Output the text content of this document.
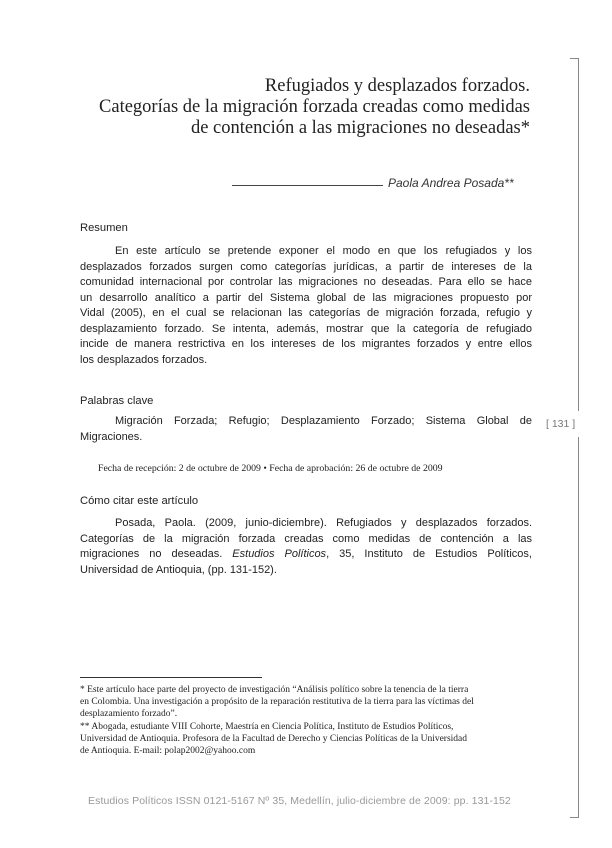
Refugiados y desplazados forzados.
Categorías de la migración forzada creadas como medidas
de contención a las migraciones no deseadas*
Paola Andrea Posada**
Resumen
En este artículo se pretende exponer el modo en que los refugiados y los
desplazados forzados surgen como categorías jurídicas, a partir de intereses de la
comunidad internacional por controlar las migraciones no deseadas. Para ello se hace
un desarrollo analítico a partir del Sistema global de las migraciones propuesto por
Vidal (2005), en el cual se relacionan las categorías de migración forzada, refugio y
desplazamiento forzado. Se intenta, además, mostrar que la categoría de refugiado
incide de manera restrictiva en los intereses de los migrantes forzados y entre ellos
los desplazados forzados.
Palabras clave
Migración Forzada; Refugio; Desplazamiento Forzado; Sistema Global de
Migraciones.
Fecha de recepción: 2 de octubre de 2009 • Fecha de aprobación: 26 de octubre de 2009
Cómo citar este artículo
Posada, Paola. (2009, junio-diciembre). Refugiados y desplazados forzados.
Categorías de la migración forzada creadas como medidas de contención a las
migraciones no deseadas. Estudios Políticos, 35, Instituto de Estudios Políticos,
Universidad de Antioquia, (pp. 131-152).
* Este artículo hace parte del proyecto de investigación “Análisis político sobre la tenencia de la tierra
en Colombia. Una investigación a propósito de la reparación restitutiva de la tierra para las víctimas del
desplazamiento forzado”.
** Abogada, estudiante VIII Cohorte, Maestría en Ciencia Política, Instituto de Estudios Políticos,
Universidad de Antioquia. Profesora de la Facultad de Derecho y Ciencias Políticas de la Universidad
de Antioquia. E-mail: polap2002@yahoo.com
[ 131 ]
Estudios Políticos ISSN 0121-5167 Nº 35, Medellín, julio-diciembre de 2009: pp. 131-152
